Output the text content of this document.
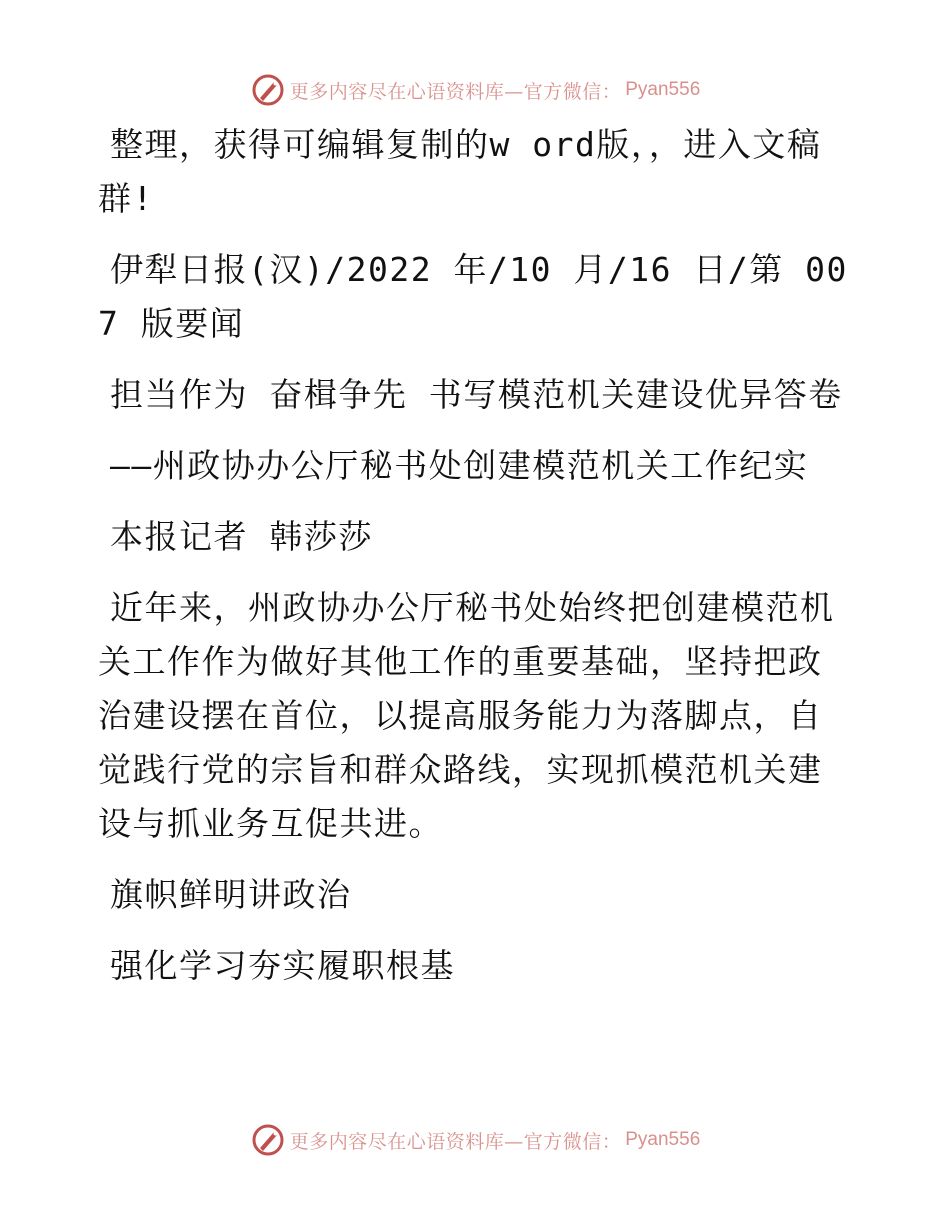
更多内容尽在心语资料库—官方微信： Pyan556

整理，获得可编辑复制的w ord版，，进入文稿群!

伊犁日报(汉)/2022 年/10 月/16 日/第 007 版要闻

担当作为 奋楫争先 书写模范机关建设优异答卷

——州政协办公厅秘书处创建模范机关工作纪实

本报记者 韩莎莎

近年来，州政协办公厅秘书处始终把创建模范机关工作作为做好其他工作的重要基础，坚持把政治建设摆在首位，以提高服务能力为落脚点，自觉践行党的宗旨和群众路线，实现抓模范机关建设与抓业务互促共进。

旗帜鲜明讲政治

强化学习夯实履职根基

更多内容尽在心语资料库—官方微信： Pyan556
